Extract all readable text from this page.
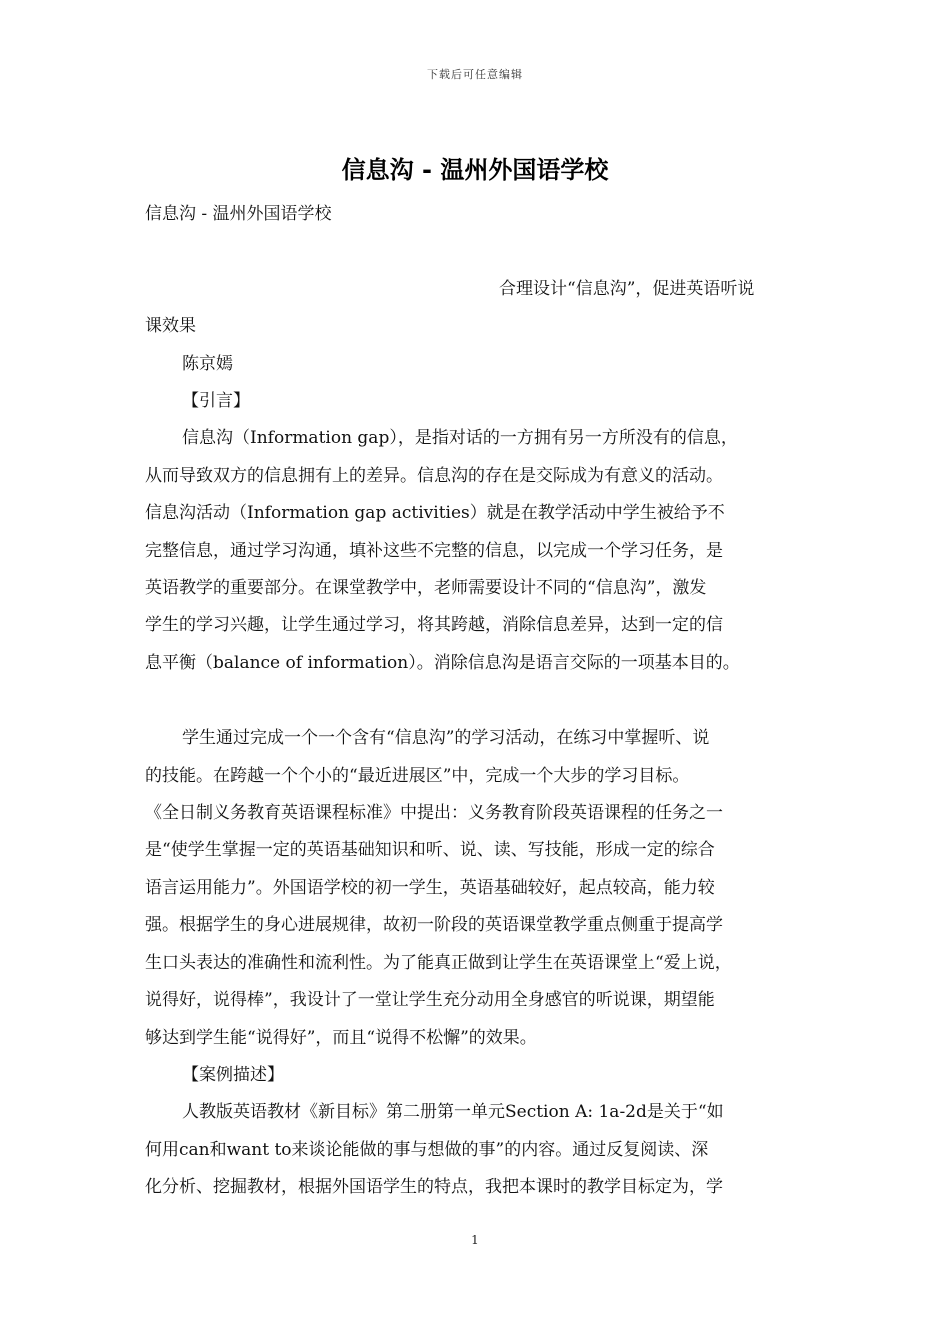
下载后可任意编辑
信息沟 - 温州外国语学校
信息沟 - 温州外国语学校
合理设计“信息沟”，促进英语听说
课效果
陈京嫣
【引言】
信息沟（Information gap），是指对话的一方拥有另一方所没有的信息，
从而导致双方的信息拥有上的差异。信息沟的存在是交际成为有意义的活动。
信息沟活动（Information gap activities）就是在教学活动中学生被给予不
完整信息，通过学习沟通，填补这些不完整的信息，以完成一个学习任务，是
英语教学的重要部分。在课堂教学中，老师需要设计不同的“信息沟”，激发
学生的学习兴趣，让学生通过学习，将其跨越，消除信息差异，达到一定的信
息平衡（balance of information）。消除信息沟是语言交际的一项基本目的。
学生通过完成一个一个含有“信息沟”的学习活动，在练习中掌握听、说
的技能。在跨越一个个小的“最近进展区”中，完成一个大步的学习目标。
《全日制义务教育英语课程标准》中提出：义务教育阶段英语课程的任务之一
是“使学生掌握一定的英语基础知识和听、说、读、写技能，形成一定的综合
语言运用能力”。外国语学校的初一学生，英语基础较好，起点较高，能力较
强。根据学生的身心进展规律，故初一阶段的英语课堂教学重点侧重于提高学
生口头表达的准确性和流利性。为了能真正做到让学生在英语课堂上“爱上说，
说得好，说得棒”，我设计了一堂让学生充分动用全身感官的听说课，期望能
够达到学生能“说得好”，而且“说得不松懈”的效果。
【案例描述】
人教版英语教材《新目标》第二册第一单元Section A: 1a-2d是关于“如
何用can和want to来谈论能做的事与想做的事”的内容。通过反复阅读、深
化分析、挖掘教材，根据外国语学生的特点，我把本课时的教学目标定为，学
1
